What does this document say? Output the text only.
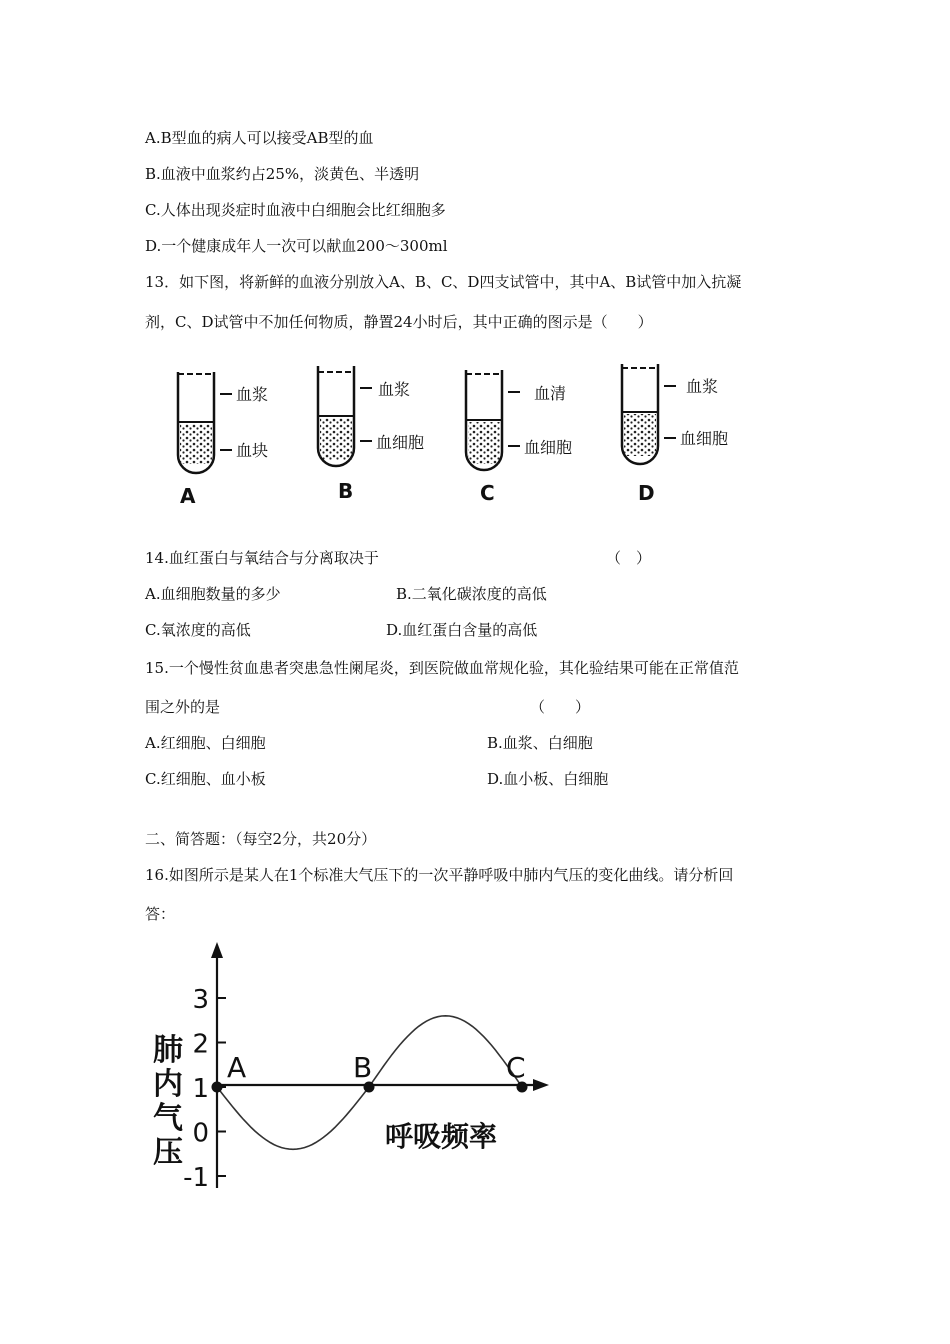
A.B型血的病人可以接受AB型的血
B.血液中血浆约占25%，淡黄色、半透明
C.人体出现炎症时血液中白细胞会比红细胞多
D.一个健康成年人一次可以献血200～300ml
13．如下图，将新鲜的血液分别放入A、B、C、D四支试管中，其中A、B试管中加入抗凝
剂，C、D试管中不加任何物质，静置24小时后，其中正确的图示是（　　）
血浆
血块
A
血浆
血细胞
B
血清
血细胞
C
血浆
血细胞
D
14.血红蛋白与氧结合与分离取决于	（　）
A.血细胞数量的多少	B.二氧化碳浓度的高低
C.氧浓度的高低	D.血红蛋白含量的高低
15.一个慢性贫血患者突患急性阑尾炎，到医院做血常规化验，其化验结果可能在正常值范
围之外的是	（　　）
A.红细胞、白细胞	B.血浆、白细胞
C.红细胞、血小板	D.血小板、白细胞
二、简答题：（每空2分，共20分）
16.如图所示是某人在1个标准大气压下的一次平静呼吸中肺内气压的变化曲线。请分析回
答：
3
2
1
0
-1
A	B	C
肺内气压	呼吸频率
